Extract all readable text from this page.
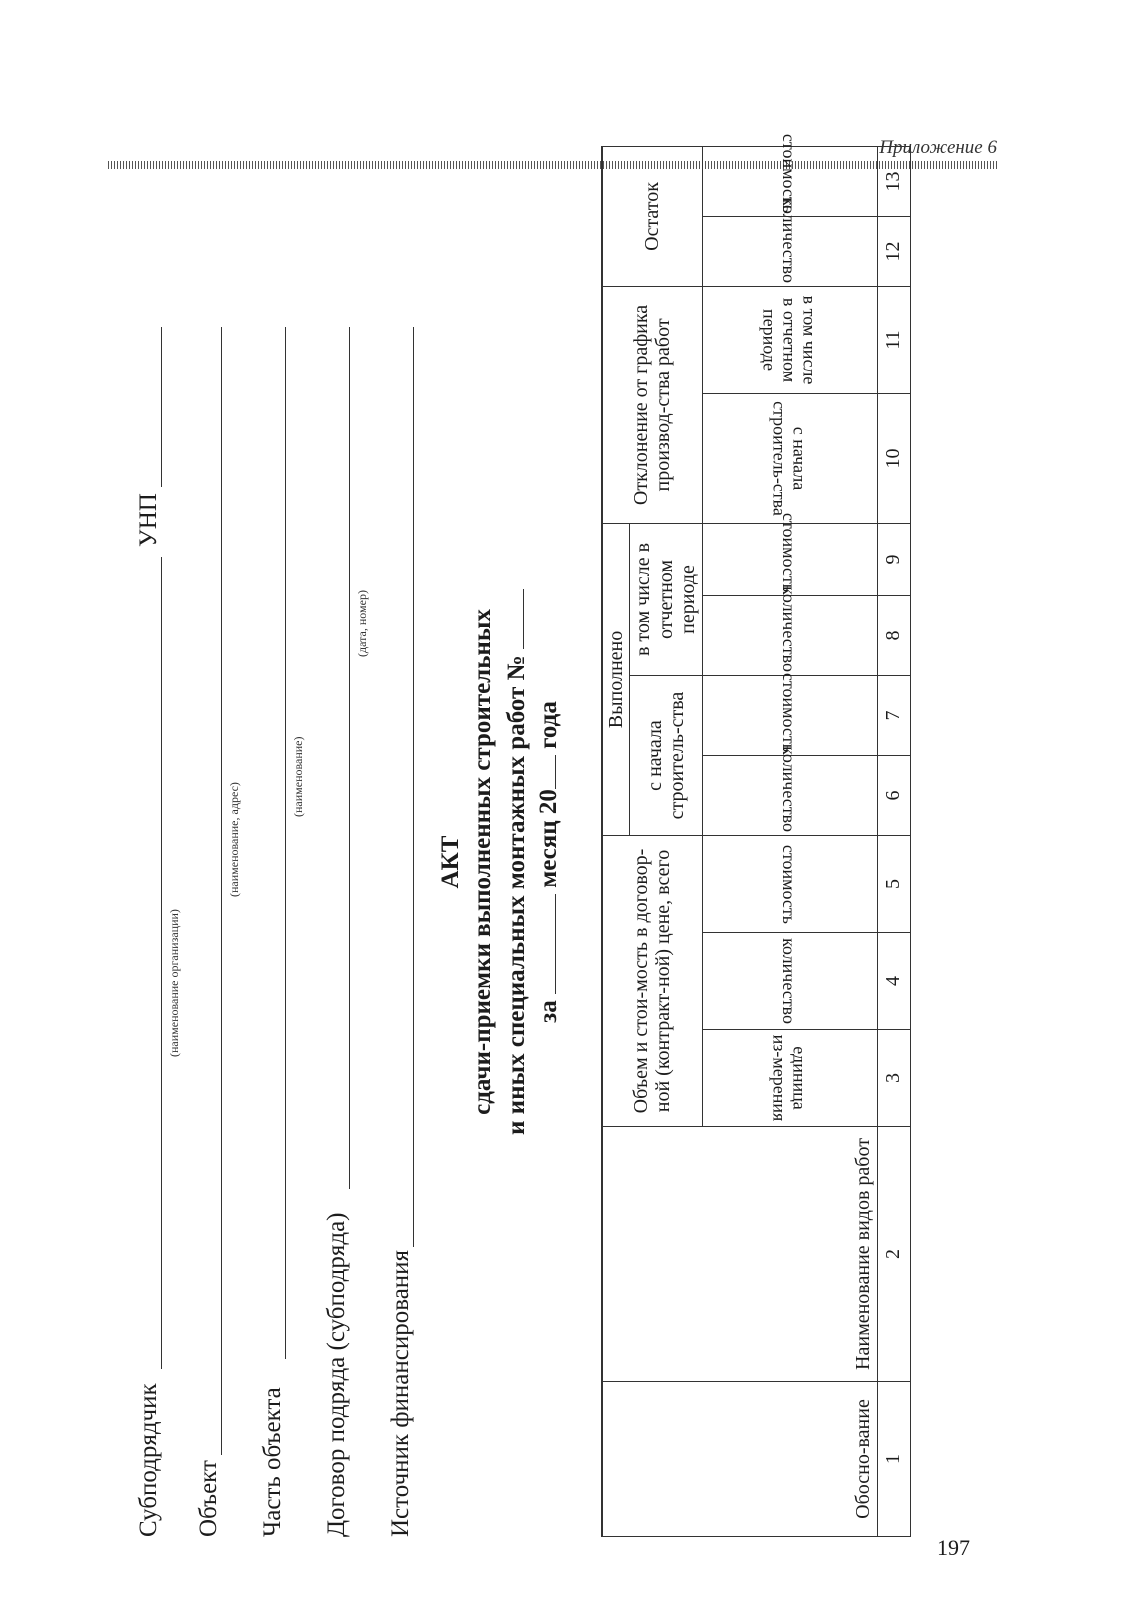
Приложение 6
Субподрядчик
УНП
(наименование организации)
Объект
(наименование, адрес)
Часть объекта
(наименование)
Договор подряда (субподряда)
(дата, номер)
Источник финансирования
АКТ сдачи-приемки выполненных строительных и иных специальных монтажных работ № за  месяц 20 года
Обосно-вание	Наименование видов работ	Объем и стои-мость в договор-ной (контракт-ной) цене, всего			Выполнено				Отклонение от графика производ-ства работ		Остаток	
					с начала строитель-ства		в том числе в отчетном периоде					
		единица из-мерения	количество	стоимость	количество	стоимость	количество	стоимость	с начала строитель-ства	в том числе в отчетном периоде	количество	стоимость
1	2	3	4	5	6	7	8	9	10	11	12	13
197
